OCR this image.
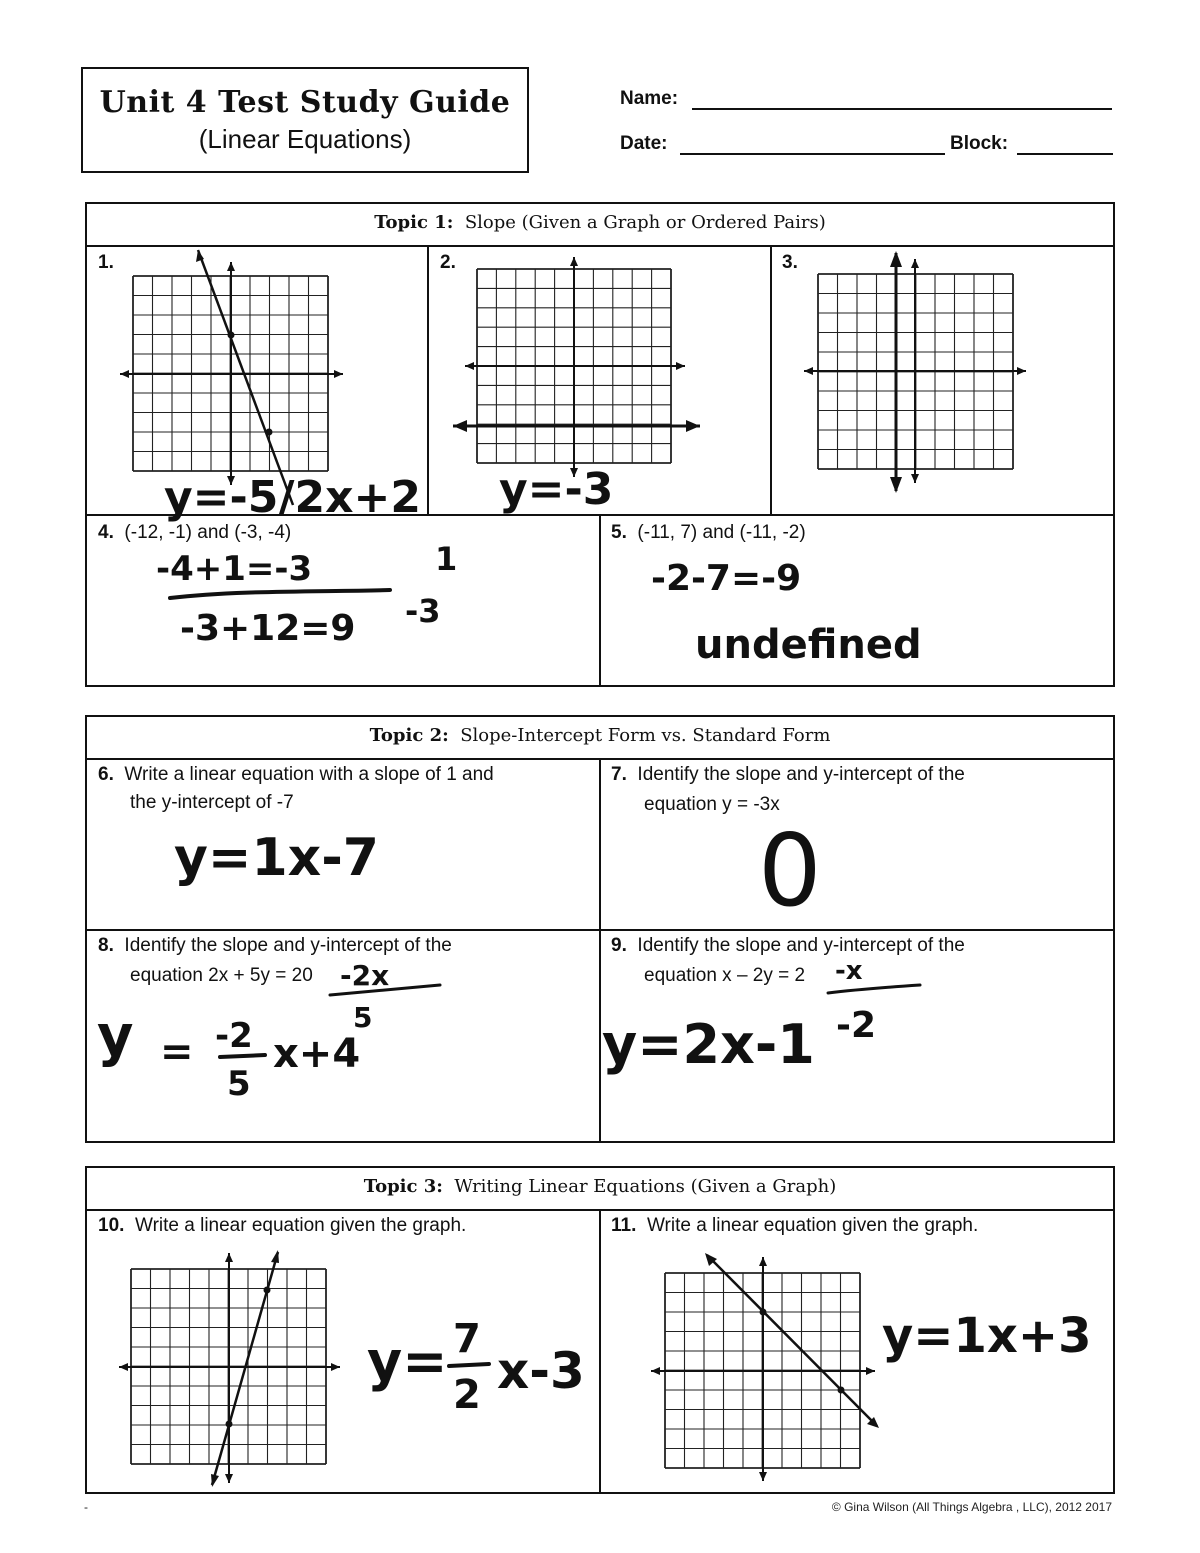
Unit 4 Test Study Guide
(Linear Equations)
Name:
Date:	Block:
Topic 1: Slope (Given a Graph or Ordered Pairs)
1.	2.	3.
y=-5/2x+2 y=-3
4. (-12, -1) and (-3, -4)
-4+1=-3
-3+12=9
1
-3
5. (-11, 7) and (-11, -2)
-2-7=-9
undefined
Topic 2: Slope-Intercept Form vs. Standard Form
6. Write a linear equation with a slope of 1 and
the y-intercept of -7
y=1x-7
7. Identify the slope and y-intercept of the
equation y = -3x
0
8. Identify the slope and y-intercept of the
equation 2x + 5y = 20 -2x
y = -2
5
x+4
5
9. Identify the slope and y-intercept of the
equation x – 2y = 2 -x
-2
y=2x-1
Topic 3: Writing Linear Equations (Given a Graph)
10. Write a linear equation given the graph.
y= 7
2 x-3
11. Write a linear equation given the graph.
y=1x+3
-	© Gina Wilson (All Things Algebra , LLC), 2012 2017
